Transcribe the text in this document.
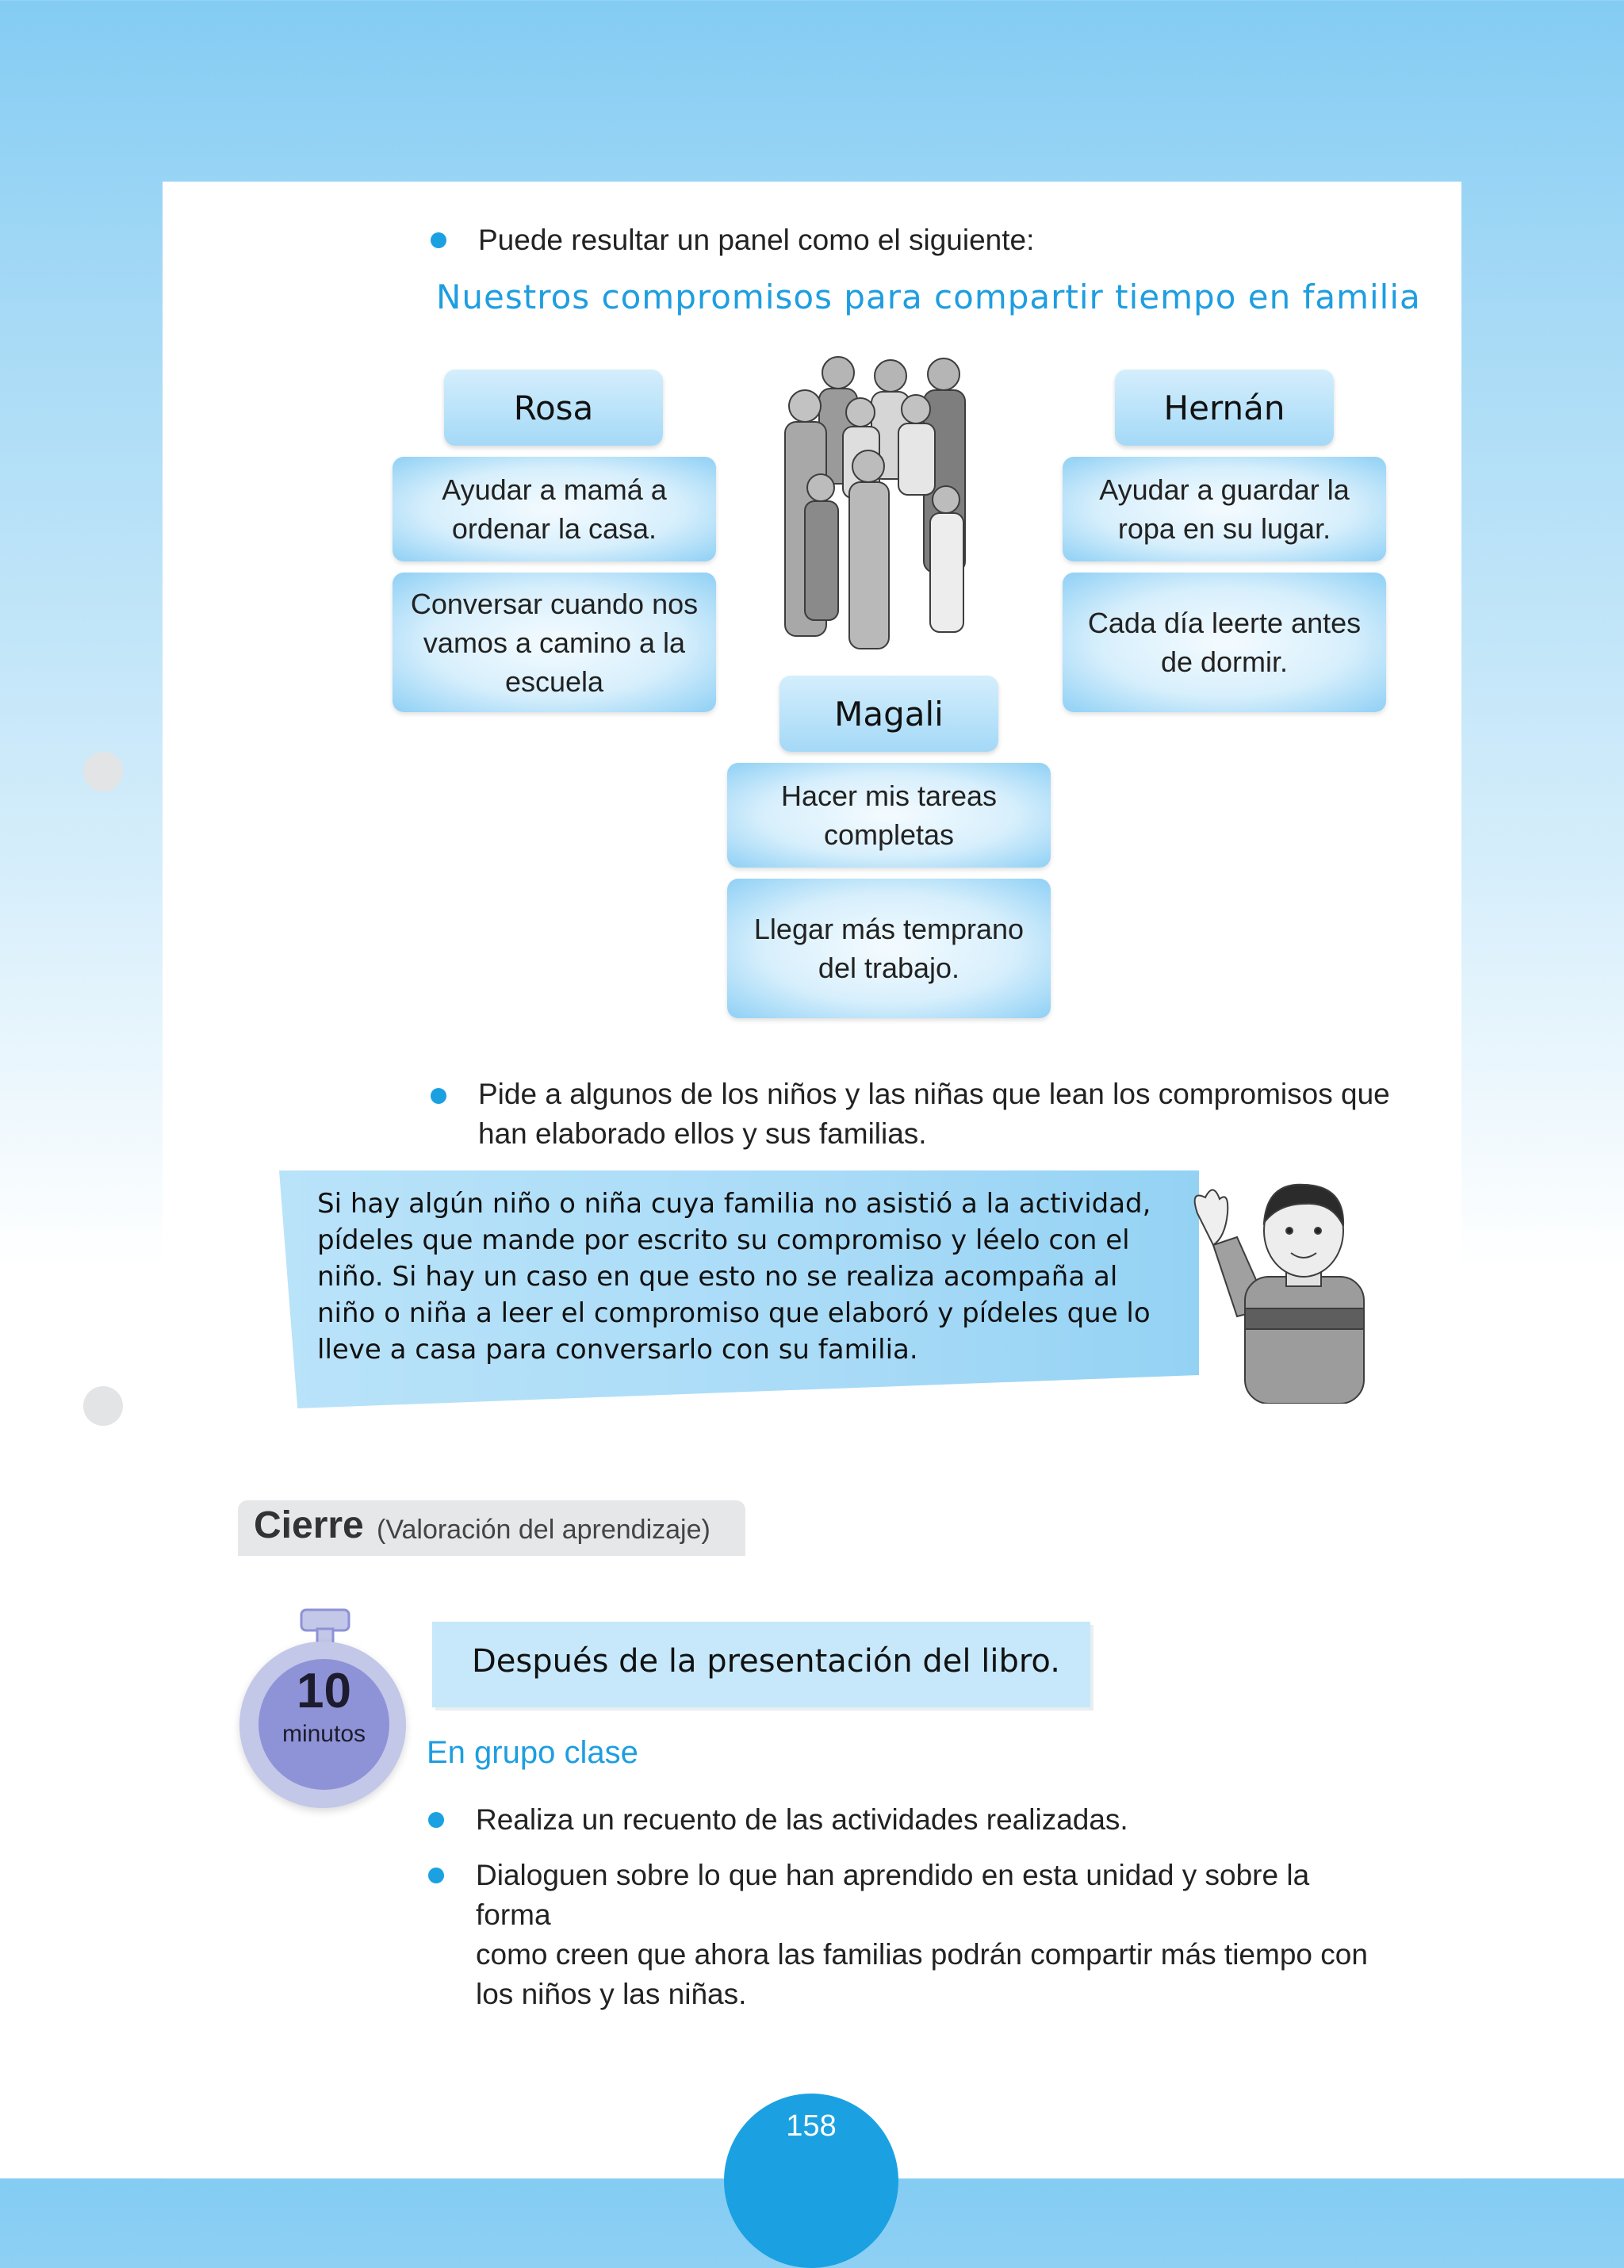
Puede resultar un panel como el siguiente:
Nuestros compromisos para compartir tiempo en familia
Rosa
Ayudar a mamá a
ordenar la casa.
Conversar cuando nos
vamos a camino a la
escuela
Hernán
Ayudar a guardar la
ropa en su lugar.
Cada día leerte antes
de dormir.
Magali
Hacer mis tareas
completas
Llegar más temprano
del trabajo.
Pide a algunos de los niños y las niñas que lean los compromisos que
han elaborado ellos y sus familias.
Si hay algún niño o niña cuya familia no asistió a la actividad,
pídeles que mande por escrito su compromiso y léelo con el
niño. Si hay un caso en que esto no se realiza acompaña al
niño o niña a leer el compromiso que elaboró y pídeles que lo
lleve a casa para conversarlo con su familia.
Cierre (Valoración del aprendizaje)
10
minutos
Después de la presentación del libro.
En grupo clase
Realiza un recuento de las actividades realizadas.
Dialoguen sobre lo que han aprendido en esta unidad y sobre la forma
como creen que ahora las familias podrán compartir más tiempo con
los niños y las niñas.
158
